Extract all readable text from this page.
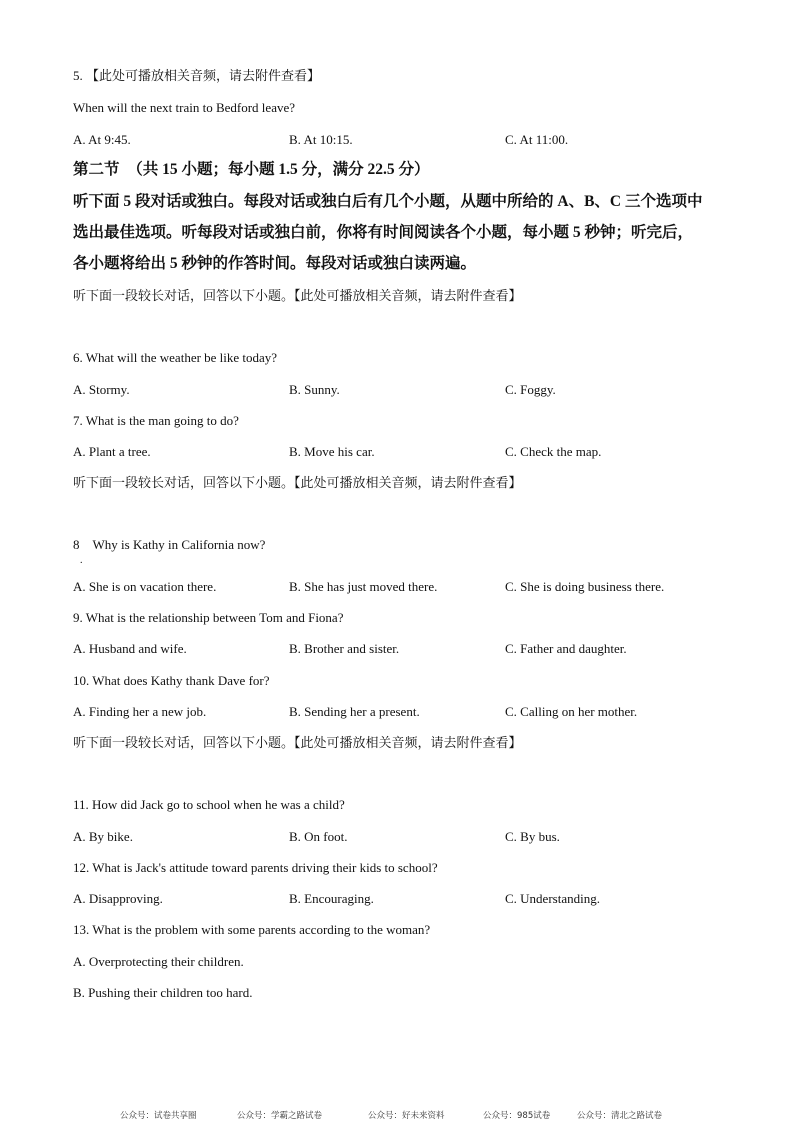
5. 【此处可播放相关音频，请去附件查看】
When will the next train to Bedford leave?
A. At 9:45.	B. At 10:15.	C. At 11:00.
第二节　（共 15 小题；每小题 1.5 分，满分 22.5 分）
听下面 5 段对话或独白。每段对话或独白后有几个小题，从题中所给的 A、B、C 三个选项中
选出最佳选项。听每段对话或独白前，你将有时间阅读各个小题，每小题 5 秒钟；听完后，
各小题将给出 5 秒钟的作答时间。每段对话或独白读两遍。
听下面一段较长对话，回答以下小题。【此处可播放相关音频，请去附件查看】
6. What will the weather be like today?
A. Stormy.	B. Sunny.	C. Foggy.
7. What is the man going to do?
A. Plant a tree.	B. Move his car.	C. Check the map.
听下面一段较长对话，回答以下小题。【此处可播放相关音频，请去附件查看】
8　Why is Kathy in California now?
.
A. She is on vacation there.	B. She has just moved there.	C. She is doing business there.
9. What is the relationship between Tom and Fiona?
A. Husband and wife.	B. Brother and sister.	C. Father and daughter.
10. What does Kathy thank Dave for?
A. Finding her a new job.	B. Sending her a present.	C. Calling on her mother.
听下面一段较长对话，回答以下小题。【此处可播放相关音频，请去附件查看】
11. How did Jack go to school when he was a child?
A. By bike.	B. On foot.	C. By bus.
12. What is Jack's attitude toward parents driving their kids to school?
A. Disapproving.	B. Encouraging.	C. Understanding.
13. What is the problem with some parents according to the woman?
A. Overprotecting their children.
B. Pushing their children too hard.
公众号：试卷共享圈	公众号：学霸之路试卷	公众号：好未来资料	公众号：985试卷	公众号：清北之路试卷
